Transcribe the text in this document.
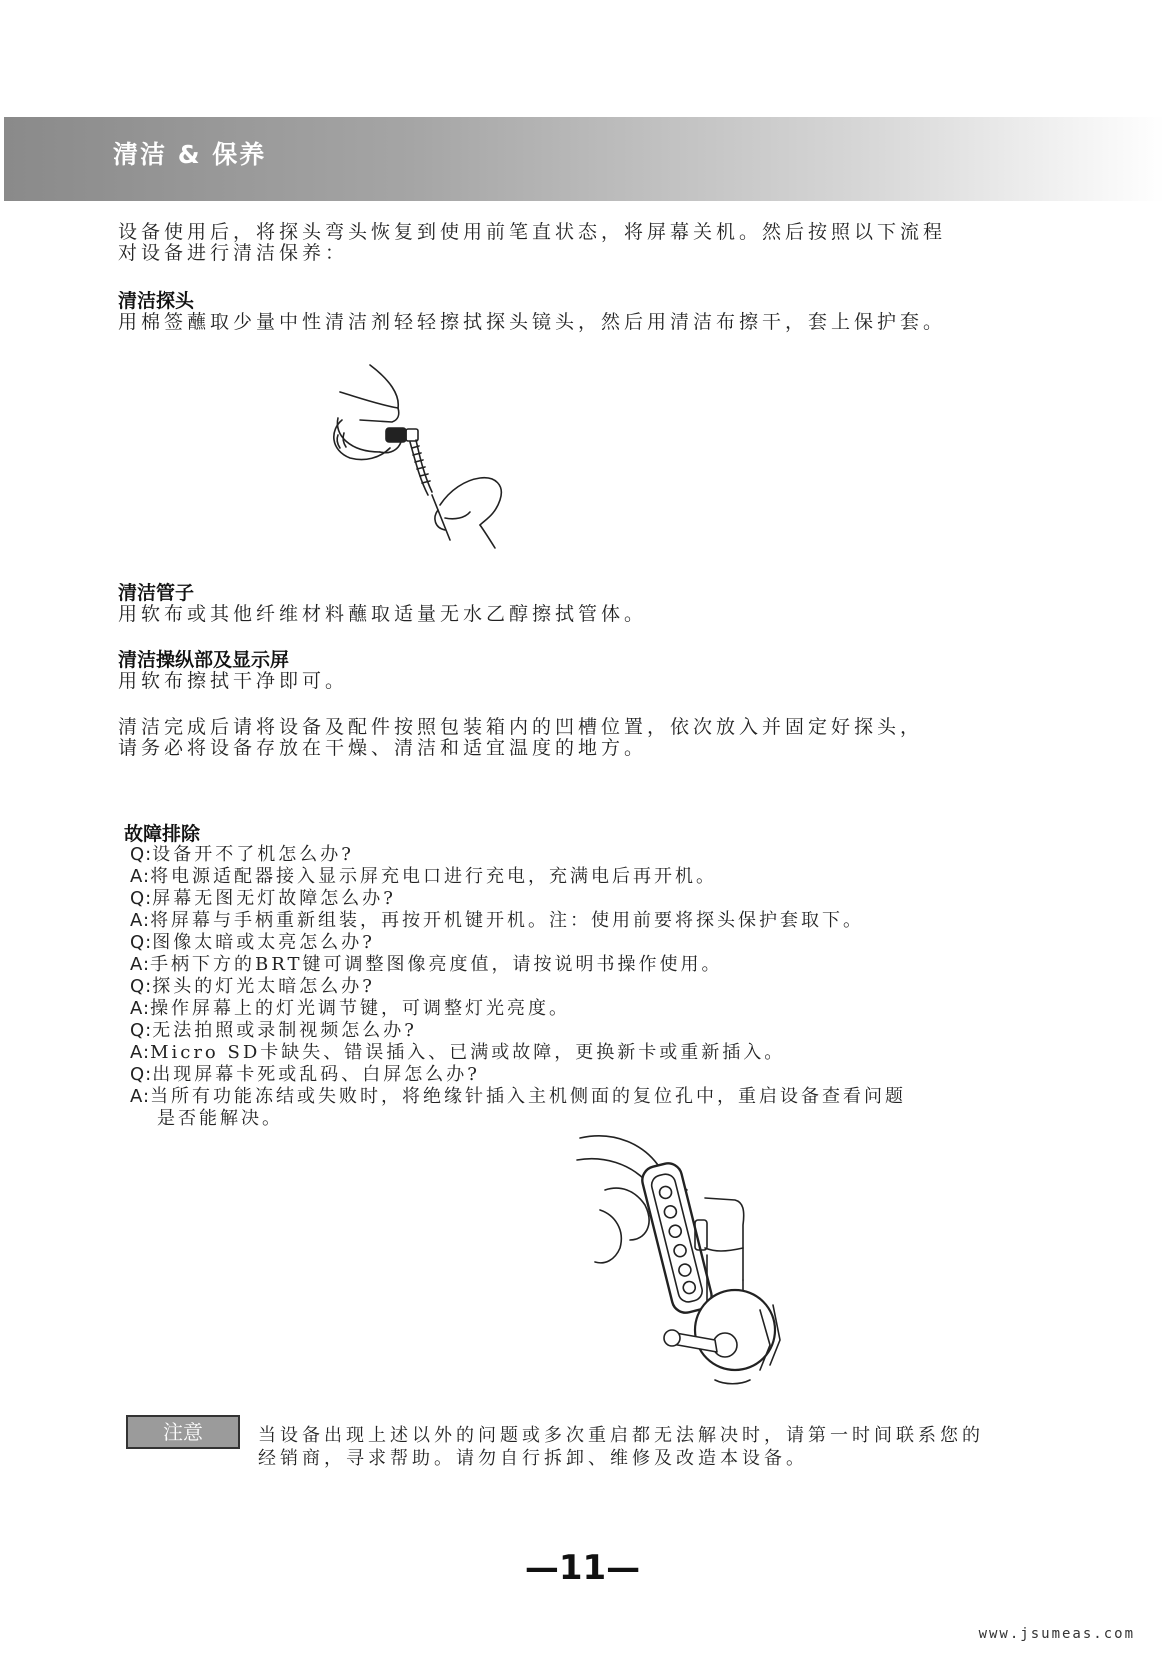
清洁 & 保养
设备使用后，将探头弯头恢复到使用前笔直状态，将屏幕关机。然后按照以下流程
对设备进行清洁保养：
清洁探头
用棉签蘸取少量中性清洁剂轻轻擦拭探头镜头，然后用清洁布擦干，套上保护套。
清洁管子
用软布或其他纤维材料蘸取适量无水乙醇擦拭管体。
清洁操纵部及显示屏
用软布擦拭干净即可。
清洁完成后请将设备及配件按照包装箱内的凹槽位置，依次放入并固定好探头，
请务必将设备存放在干燥、清洁和适宜温度的地方。
故障排除
Q:设备开不了机怎么办?
A:将电源适配器接入显示屏充电口进行充电，充满电后再开机。
Q:屏幕无图无灯故障怎么办?
A:将屏幕与手柄重新组装，再按开机键开机。注：使用前要将探头保护套取下。
Q:图像太暗或太亮怎么办?
A:手柄下方的BRT键可调整图像亮度值，请按说明书操作使用。
Q:探头的灯光太暗怎么办?
A:操作屏幕上的灯光调节键，可调整灯光亮度。
Q:无法拍照或录制视频怎么办?
A:Micro SD卡缺失、错误插入、已满或故障，更换新卡或重新插入。
Q:出现屏幕卡死或乱码、白屏怎么办?
A:当所有功能冻结或失败时，将绝缘针插入主机侧面的复位孔中，重启设备查看问题
是否能解决。
注意	当设备出现上述以外的问题或多次重启都无法解决时，请第一时间联系您的
经销商，寻求帮助。请勿自行拆卸、维修及改造本设备。
—11—
www.jsumeas.com
